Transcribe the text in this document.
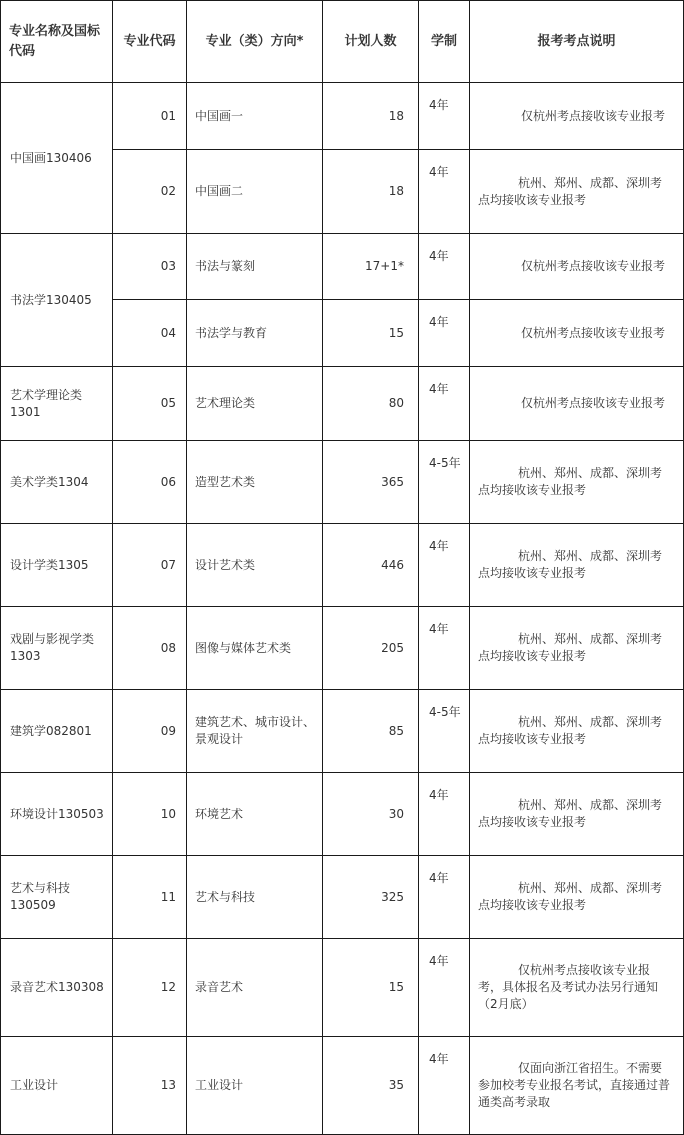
专业名称及国标代码	专业代码	专业（类）方向*	计划人数	学制	报考考点说明
中国画130406	01	中国画一	18	4年	仅杭州考点接收该专业报考
	02	中国画二	18	4年	杭州、郑州、成都、深圳考点均接收该专业报考

书法学130405	03	书法与篆刻	17+1*	4年	仅杭州考点接收该专业报考
	04	书法学与教育	15	4年	仅杭州考点接收该专业报考
艺术学理论类1301	05	艺术理论类	80	4年	仅杭州考点接收该专业报考
美术学类1304	06	造型艺术类	365	4-5年	杭州、郑州、成都、深圳考点均接收该专业报考

设计学类1305	07	设计艺术类	446	4年	杭州、郑州、成都、深圳考点均接收该专业报考

戏剧与影视学类1303	08	图像与媒体艺术类	205	4年	杭州、郑州、成都、深圳考点均接收该专业报考

建筑学082801	09	建筑艺术、城市设计、景观设计	85	4-5年	杭州、郑州、成都、深圳考点均接收该专业报考

环境设计130503	10	环境艺术	30	4年	杭州、郑州、成都、深圳考点均接收该专业报考

艺术与科技130509	11	艺术与科技	325	4年	杭州、郑州、成都、深圳考点均接收该专业报考

录音艺术130308	12	录音艺术	15	4年	仅杭州考点接收该专业报考，具体报名及考试办法另行通知（2月底）

工业设计	13	工业设计	35	4年	仅面向浙江省招生。不需要参加校考专业报名考试，直接通过普通类高考录取
